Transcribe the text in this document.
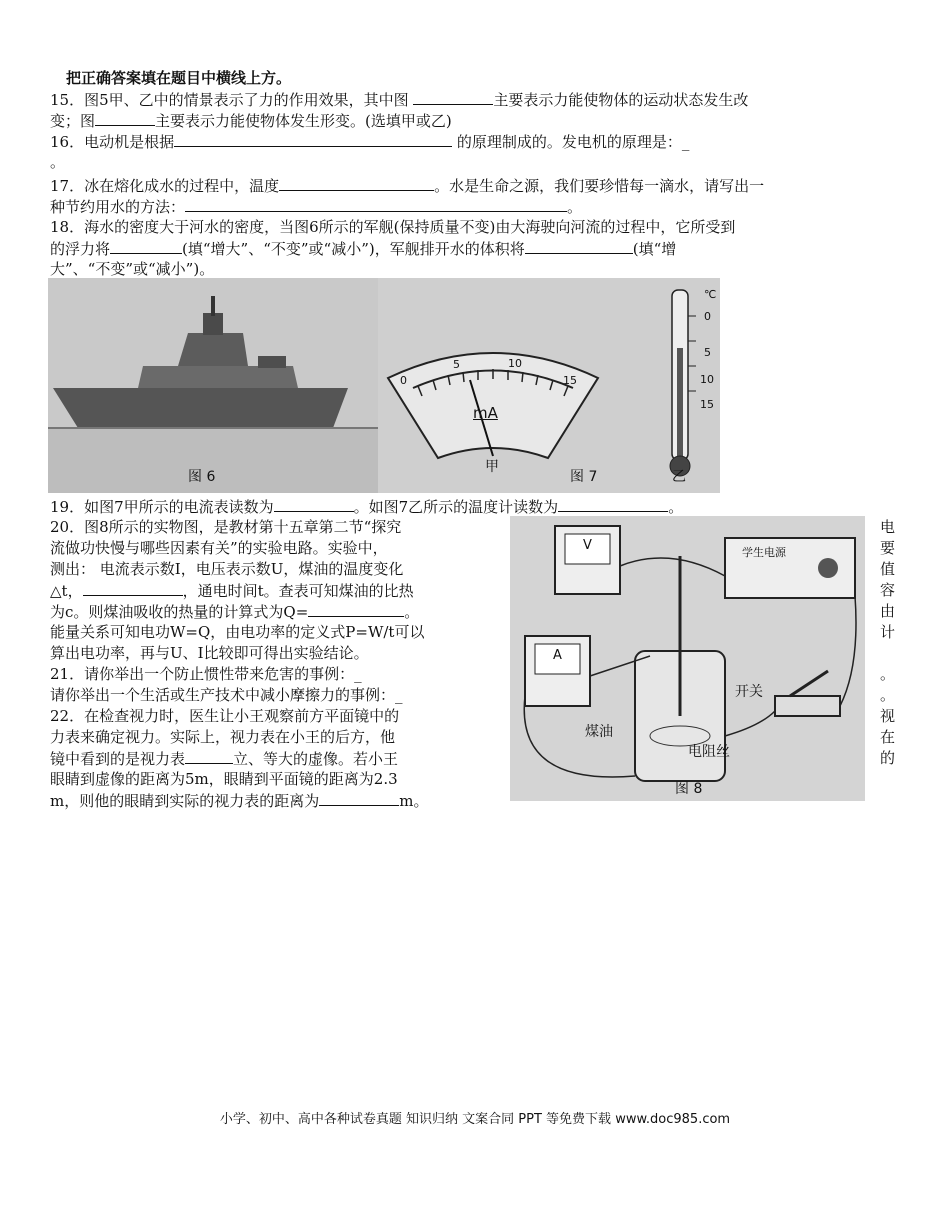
把正确答案填在题目中横线上方。
15．图5甲、乙中的情景表示了力的作用效果，其中图	主要表示力能使物体的运动状态发生改
变；图	主要表示力能使物体发生形变。(选填甲或乙)
16．电动机是根据	的原理制成的。发电机的原理是：_
。
17．冰在熔化成水的过程中，温度	。水是生命之源，我们要珍惜每一滴水，请写出一
种节约用水的方法：	。
18．海水的密度大于河水的密度，当图6所示的军舰(保持质量不变)由大海驶向河流的过程中，它所受到
的浮力将	(填“增大”、“不变”或“减小”)，军舰排开水的体积将	(填“增
大”、“不变”或“减小”)。
图 6
0
5	10
15
mA
甲
图 7
℃
0
5
10
15
乙
19．如图7甲所示的电流表读数为	。如图7乙所示的温度计读数为	。
20．图8所示的实物图，是教材第十五章第二节“探究
流做功快慢与哪些因素有关”的实验电路。实验中，
测出： 电流表示数I，电压表示数U，煤油的温度变化
△t，	，通电时间t。查表可知煤油的比热
为c。则煤油吸收的热量的计算式为Q=	。
能量关系可知电功W=Q，由电功率的定义式P=W/t可以
算出电功率，再与U、I比较即可得出实验结论。
21．请你举出一个防止惯性带来危害的事例：_
请你举出一个生活或生产技术中减小摩擦力的事例：_
22．在检查视力时，医生让小王观察前方平面镜中的
力表来确定视力。实际上，视力表在小王的后方，他
镜中看到的是视力表	立、等大的虚像。若小王
眼睛到虚像的距离为5m，眼睛到平面镜的距离为2.3
m，则他的眼睛到实际的视力表的距离为	m。
电
要
值
容
由
计
。
。
视
在
的
V
A
学生电源
开关
煤油
电阻丝
图 8
小学、初中、高中各种试卷真题 知识归纳 文案合同 PPT 等免费下载 www.doc985.com
